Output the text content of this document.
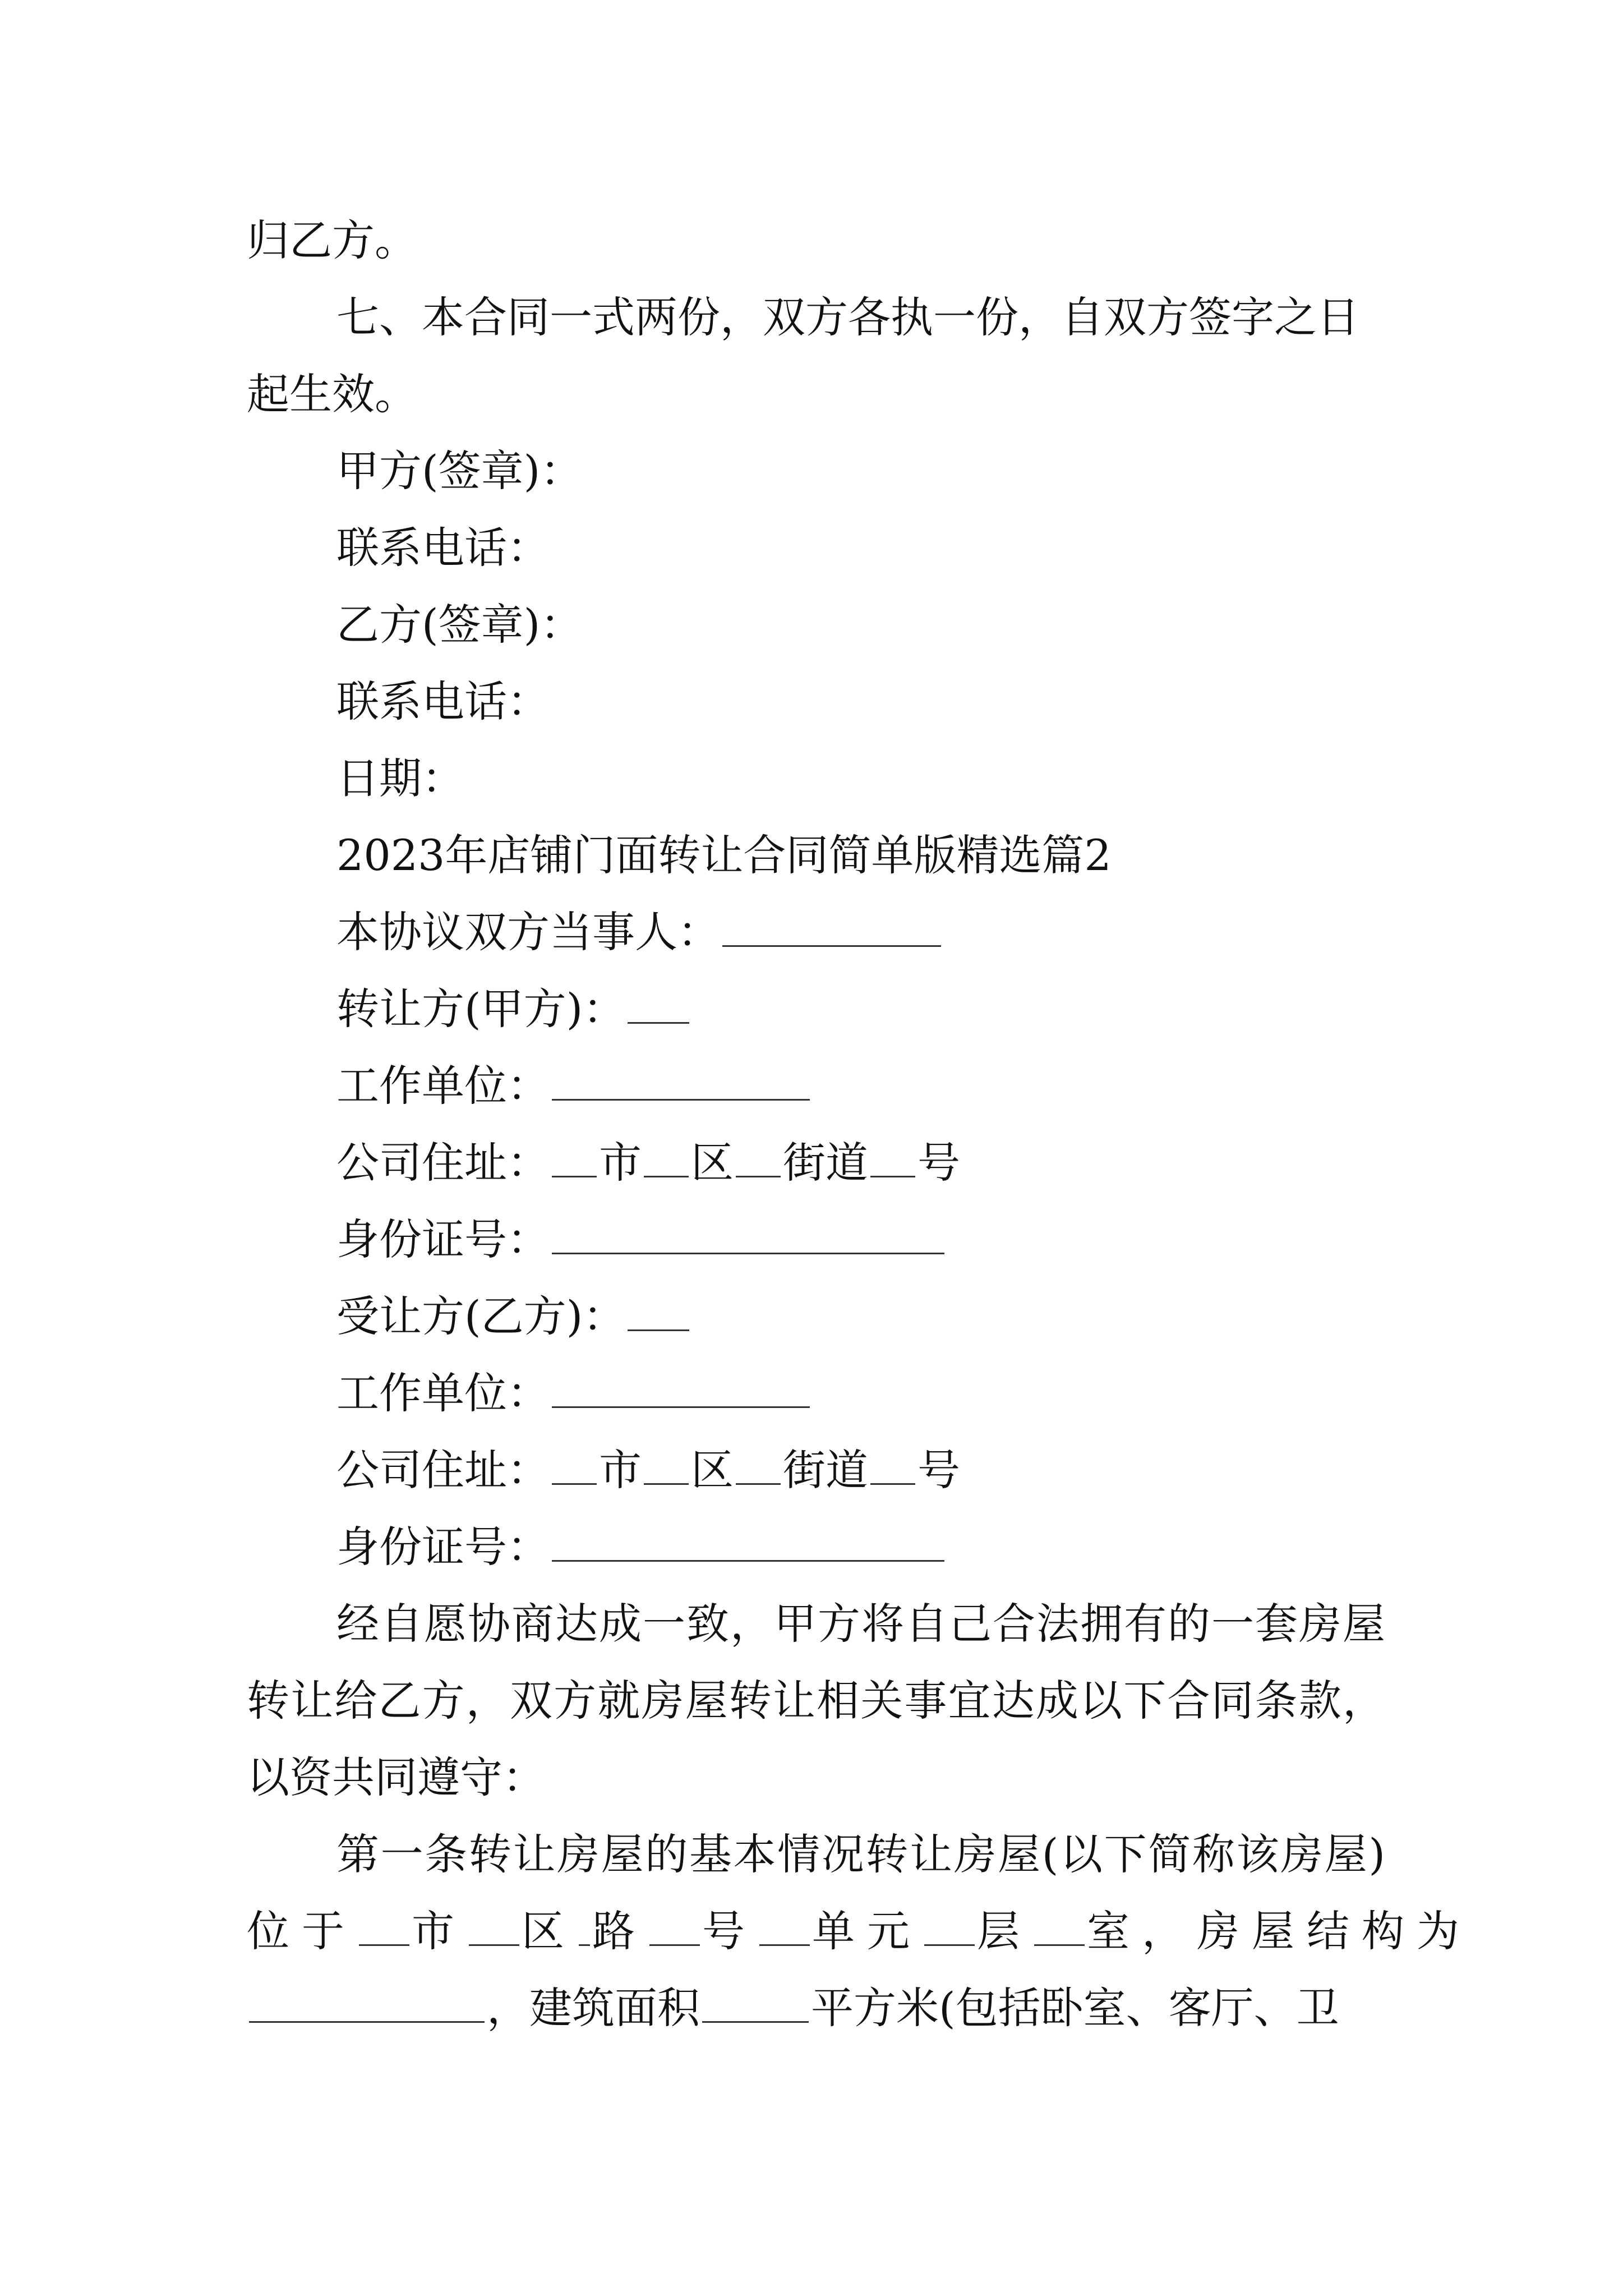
归乙方。
七、本合同一式两份，双方各执一份，自双方签字之日
起生效。
甲方(签章)：
联系电话：
乙方(签章)：
联系电话：
日期：
2023年店铺门面转让合同简单版精选篇2
本协议双方当事人：
转让方(甲方)：
工作单位：
公司住址： 市 区 街道 号
身份证号：
受让方(乙方)：
工作单位：
公司住址： 市 区 街道 号
身份证号：
经自愿协商达成一致，甲方将自己合法拥有的一套房屋
转让给乙方，双方就房屋转让相关事宜达成以下合同条款，
以资共同遵守：
第一条转让房屋的基本情况转让房屋(以下简称该房屋)
位于 市 区 路 号 单元 层 室，房屋结构为
，建筑面积	平方米(包括卧室、客厅、卫
